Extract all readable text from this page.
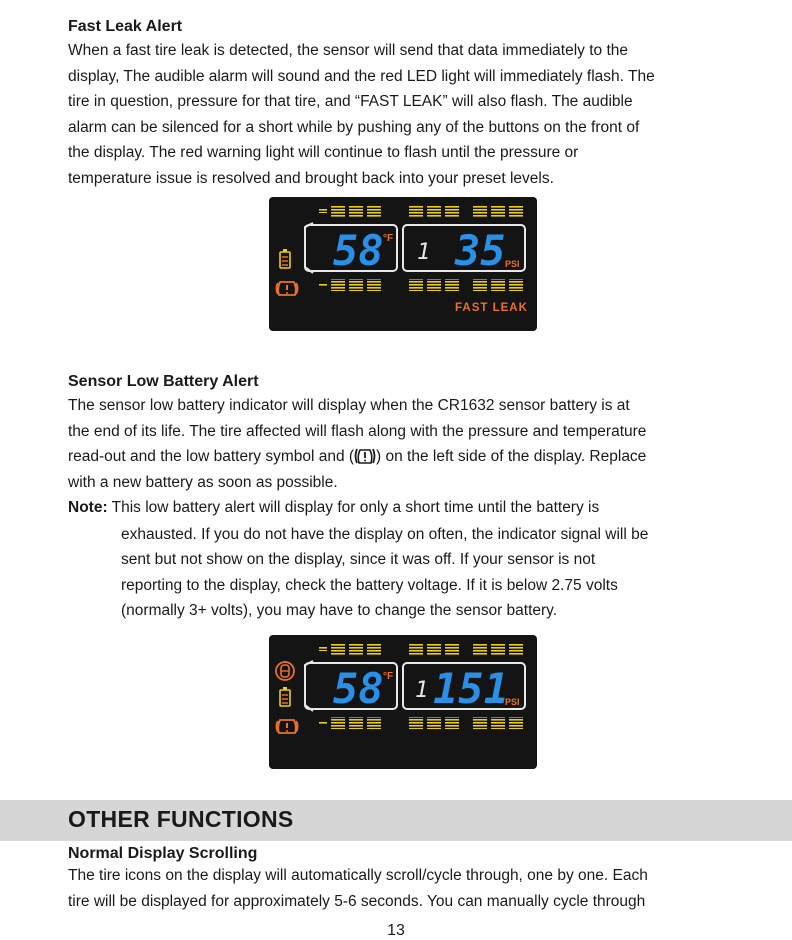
Fast Leak Alert
When a fast tire leak is detected, the sensor will send that data immediately to the
display, The audible alarm will sound and the red LED light will immediately flash. The
tire in question, pressure for that tire, and “FAST LEAK” will also flash. The audible
alarm can be silenced for a short while by pushing any of the buttons on the front of
the display. The red warning light will continue to flash until the pressure or
temperature issue is resolved and brought back into your preset levels.
58 °F
1 35 PSI
FAST LEAK
Sensor Low Battery Alert
The sensor low battery indicator will display when the CR1632 sensor battery is at
the end of its life. The tire affected will flash along with the pressure and temperature
read-out and the low battery symbol and ( ) on the left side of the display. Replace
with a new battery as soon as possible.
Note: This low battery alert will display for only a short time until the battery is
exhausted. If you do not have the display on often, the indicator signal will be
sent but not show on the display, since it was off. If your sensor is not
reporting to the display, check the battery voltage. If it is below 2.75 volts
(normally 3+ volts), you may have to change the sensor battery.
58 °F
1 151
PSI
OTHER FUNCTIONS
Normal Display Scrolling
The tire icons on the display will automatically scroll/cycle through, one by one. Each
tire will be displayed for approximately 5-6 seconds. You can manually cycle through
13
